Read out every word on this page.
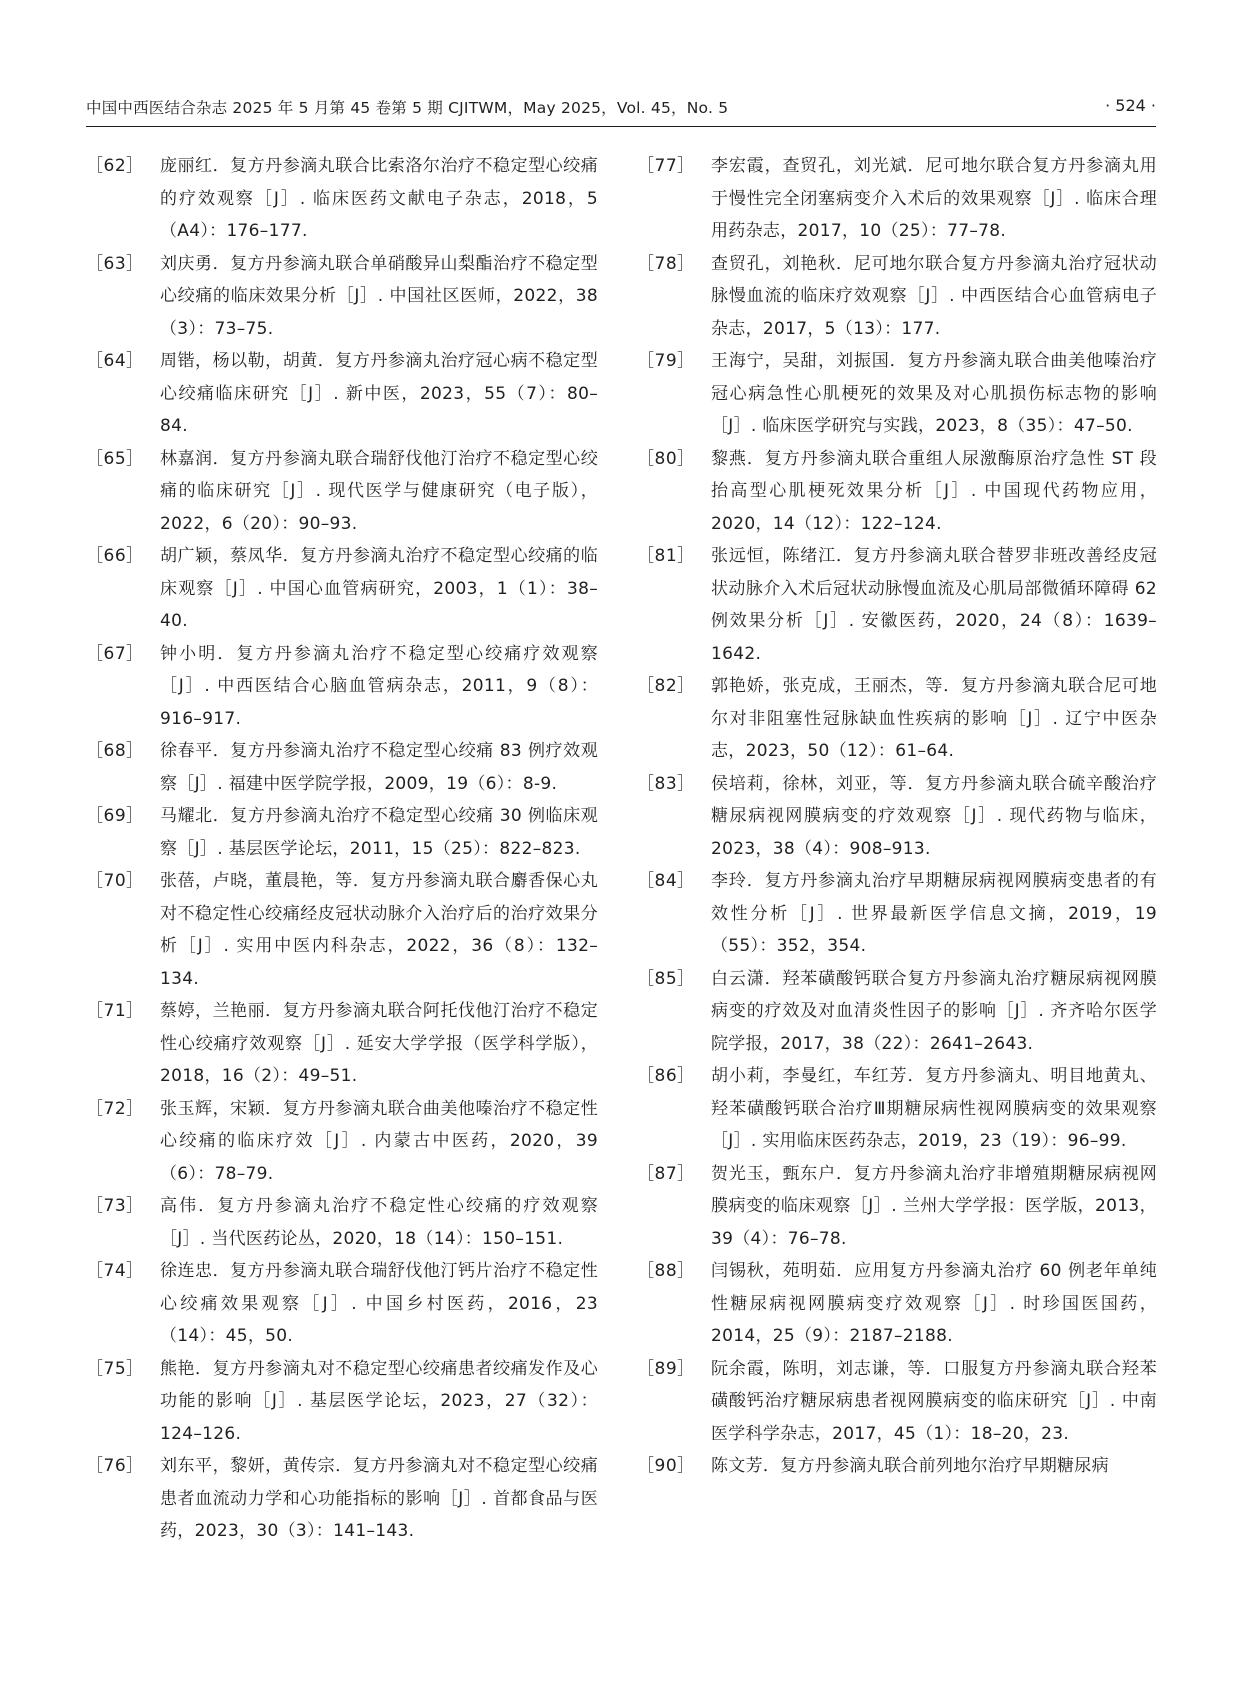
中国中西医结合杂志 2025 年 5 月第 45 卷第 5 期 CJITWM，May 2025，Vol. 45，No. 5	· 524 ·
［62］ 庞丽红．复方丹参滴丸联合比索洛尔治疗不稳定型心绞痛的疗效观察［J］. 临床医药文献电子杂志，2018，5（A4）：176–177.
［63］ 刘庆勇．复方丹参滴丸联合单硝酸异山梨酯治疗不稳定型心绞痛的临床效果分析［J］. 中国社区医师，2022，38（3）：73–75.
［64］ 周锴，杨以勒，胡黄．复方丹参滴丸治疗冠心病不稳定型心绞痛临床研究［J］. 新中医，2023，55（7）：80–84.
［65］ 林嘉润．复方丹参滴丸联合瑞舒伐他汀治疗不稳定型心绞痛的临床研究［J］. 现代医学与健康研究（电子版），2022，6（20）：90–93.
［66］ 胡广颖，蔡凤华．复方丹参滴丸治疗不稳定型心绞痛的临床观察［J］. 中国心血管病研究，2003，1（1）：38–40.
［67］ 钟小明．复方丹参滴丸治疗不稳定型心绞痛疗效观察［J］. 中西医结合心脑血管病杂志，2011，9（8）：916–917.
［68］ 徐春平．复方丹参滴丸治疗不稳定型心绞痛 83 例疗效观察［J］. 福建中医学院学报，2009，19（6）：8-9.
［69］ 马耀北．复方丹参滴丸治疗不稳定型心绞痛 30 例临床观察［J］. 基层医学论坛，2011，15（25）：822–823.
［70］ 张蓓，卢晓，董晨艳，等．复方丹参滴丸联合麝香保心丸对不稳定性心绞痛经皮冠状动脉介入治疗后的治疗效果分析［J］. 实用中医内科杂志，2022，36（8）：132–134.
［71］ 蔡婷，兰艳丽．复方丹参滴丸联合阿托伐他汀治疗不稳定性心绞痛疗效观察［J］. 延安大学学报（医学科学版），2018，16（2）：49–51.
［72］ 张玉辉，宋颖．复方丹参滴丸联合曲美他嗪治疗不稳定性心绞痛的临床疗效［J］. 内蒙古中医药，2020，39（6）：78–79.
［73］ 高伟．复方丹参滴丸治疗不稳定性心绞痛的疗效观察［J］. 当代医药论丛，2020，18（14）：150–151.
［74］ 徐连忠．复方丹参滴丸联合瑞舒伐他汀钙片治疗不稳定性心绞痛效果观察［J］. 中国乡村医药，2016，23（14）：45，50.
［75］ 熊艳．复方丹参滴丸对不稳定型心绞痛患者绞痛发作及心功能的影响［J］. 基层医学论坛，2023，27（32）：124–126.
［76］ 刘东平，黎妍，黄传宗．复方丹参滴丸对不稳定型心绞痛患者血流动力学和心功能指标的影响［J］. 首都食品与医药，2023，30（3）：141–143.
［77］ 李宏霞，查贸孔，刘光斌．尼可地尔联合复方丹参滴丸用于慢性完全闭塞病变介入术后的效果观察［J］. 临床合理用药杂志，2017，10（25）：77–78.
［78］ 查贸孔，刘艳秋．尼可地尔联合复方丹参滴丸治疗冠状动脉慢血流的临床疗效观察［J］. 中西医结合心血管病电子杂志，2017，5（13）：177.
［79］ 王海宁，吴甜，刘振国．复方丹参滴丸联合曲美他嗪治疗冠心病急性心肌梗死的效果及对心肌损伤标志物的影响［J］. 临床医学研究与实践，2023，8（35）：47–50.
［80］ 黎燕．复方丹参滴丸联合重组人尿激酶原治疗急性 ST 段抬高型心肌梗死效果分析［J］. 中国现代药物应用，2020，14（12）：122–124.
［81］ 张远恒，陈绪江．复方丹参滴丸联合替罗非班改善经皮冠状动脉介入术后冠状动脉慢血流及心肌局部微循环障碍 62 例效果分析［J］. 安徽医药，2020，24（8）：1639–1642.
［82］ 郭艳娇，张克成，王丽杰，等．复方丹参滴丸联合尼可地尔对非阻塞性冠脉缺血性疾病的影响［J］. 辽宁中医杂志，2023，50（12）：61–64.
［83］ 侯培莉，徐林，刘亚，等．复方丹参滴丸联合硫辛酸治疗糖尿病视网膜病变的疗效观察［J］. 现代药物与临床，2023，38（4）：908–913.
［84］ 李玲．复方丹参滴丸治疗早期糖尿病视网膜病变患者的有效性分析［J］. 世界最新医学信息文摘，2019，19（55）：352，354.
［85］ 白云潇．羟苯磺酸钙联合复方丹参滴丸治疗糖尿病视网膜病变的疗效及对血清炎性因子的影响［J］. 齐齐哈尔医学院学报，2017，38（22）：2641–2643.
［86］ 胡小莉，李曼红，车红芳．复方丹参滴丸、明目地黄丸、羟苯磺酸钙联合治疗Ⅲ期糖尿病性视网膜病变的效果观察［J］. 实用临床医药杂志，2019，23（19）：96–99.
［87］ 贺光玉，甄东户．复方丹参滴丸治疗非增殖期糖尿病视网膜病变的临床观察［J］. 兰州大学学报：医学版，2013，39（4）：76–78.
［88］ 闫锡秋，苑明茹．应用复方丹参滴丸治疗 60 例老年单纯性糖尿病视网膜病变疗效观察［J］. 时珍国医国药，2014，25（9）：2187–2188.
［89］ 阮余霞，陈明，刘志谦，等．口服复方丹参滴丸联合羟苯磺酸钙治疗糖尿病患者视网膜病变的临床研究［J］. 中南医学科学杂志，2017，45（1）：18–20，23.
［90］ 陈文芳．复方丹参滴丸联合前列地尔治疗早期糖尿病
